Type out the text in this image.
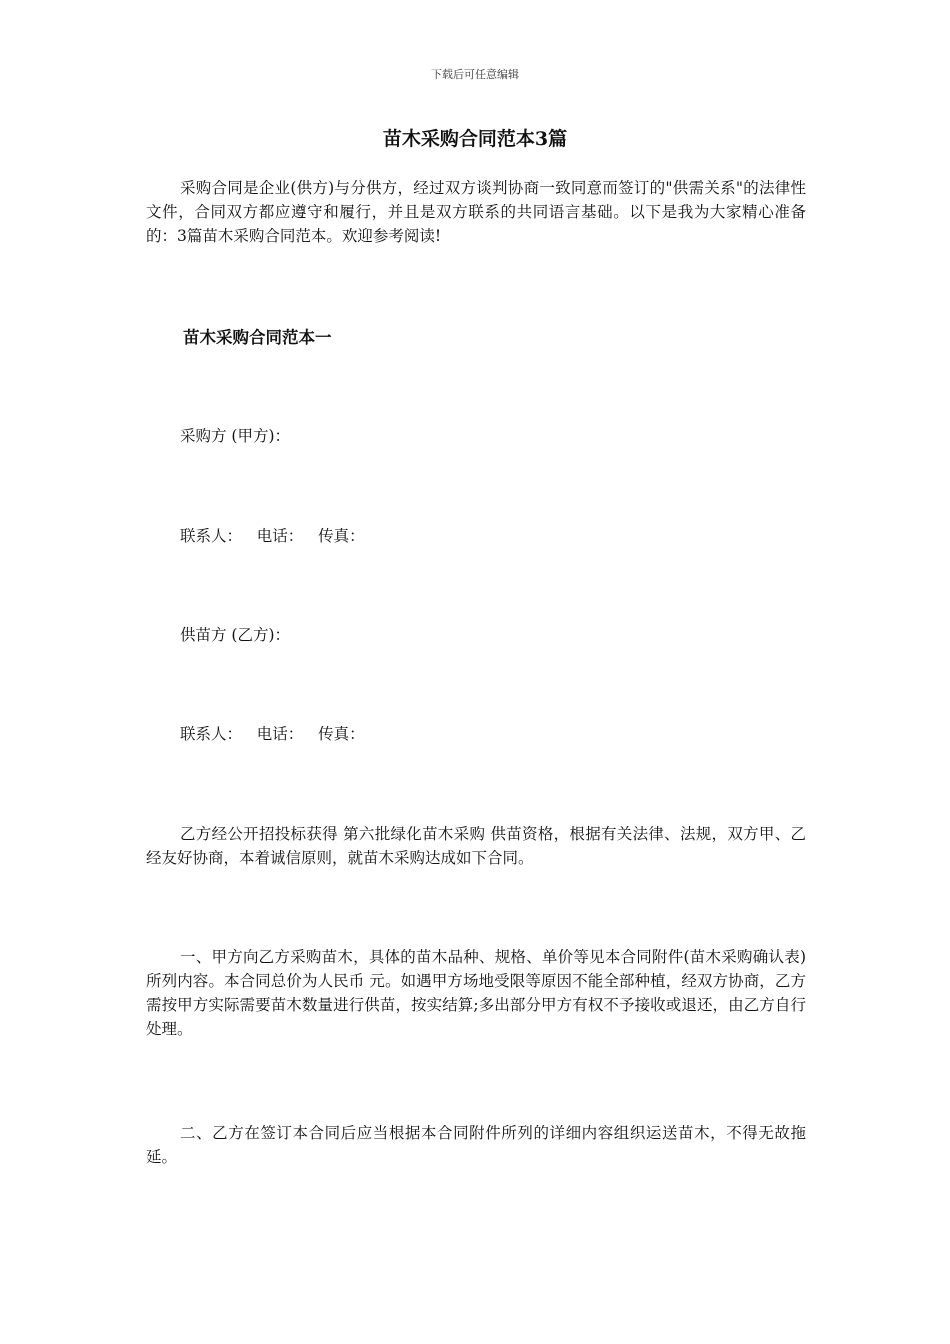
下载后可任意编辑
苗木采购合同范本3篇

采购合同是企业(供方)与分供方，经过双方谈判协商一致同意而签订的"供需关系"的法律性文件，合同双方都应遵守和履行，并且是双方联系的共同语言基础。以下是我为大家精心准备的：3篇苗木采购合同范本。欢迎参考阅读!

苗木采购合同范本一

采购方 (甲方)：

联系人：   电话：   传真：

供苗方 (乙方)：

联系人：   电话：   传真：

乙方经公开招投标获得 第六批绿化苗木采购 供苗资格，根据有关法律、法规，双方甲、乙经友好协商，本着诚信原则，就苗木采购达成如下合同。

一、甲方向乙方采购苗木，具体的苗木品种、规格、单价等见本合同附件(苗木采购确认表)所列内容。本合同总价为人民币 元。如遇甲方场地受限等原因不能全部种植，经双方协商，乙方需按甲方实际需要苗木数量进行供苗，按实结算;多出部分甲方有权不予接收或退还，由乙方自行处理。

二、乙方在签订本合同后应当根据本合同附件所列的详细内容组织运送苗木，不得无故拖延。
